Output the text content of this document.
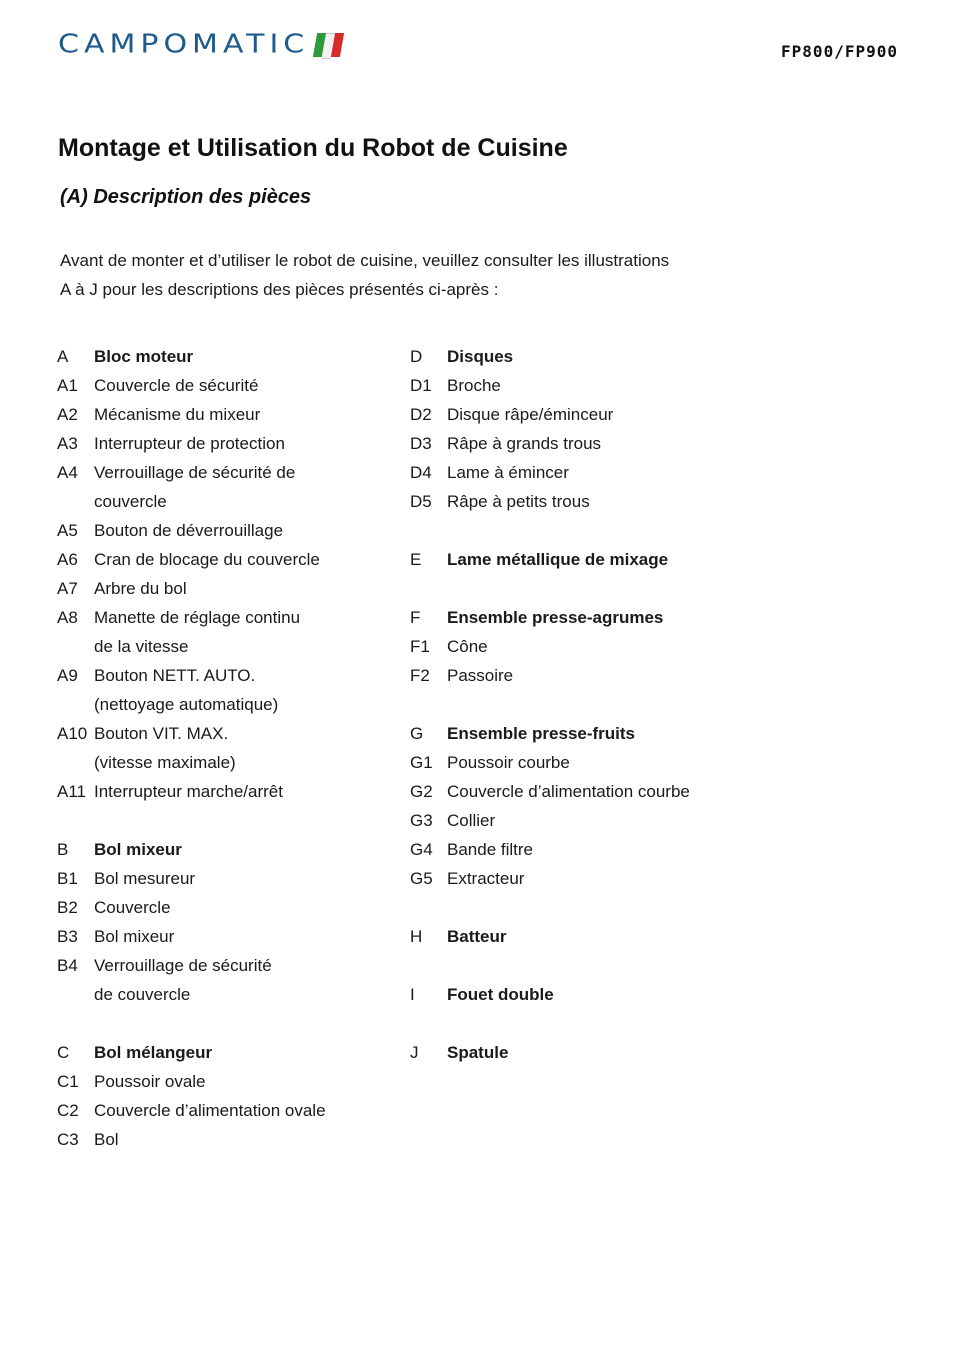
CAMPOMATIC	FP800/FP900
Montage et Utilisation du Robot de Cuisine
(A) Description des pièces
Avant de monter et d’utiliser le robot de cuisine, veuillez consulter les illustrations
A à J pour les descriptions des pièces présentés ci-après :
A	Bloc moteur
A1 Couvercle de sécurité
A2 Mécanisme du mixeur
A3 Interrupteur de protection
A4 Verrouillage de sécurité de
couvercle
A5 Bouton de déverrouillage
A6 Cran de blocage du couvercle
A7 Arbre du bol
A8 Manette de réglage continu
de la vitesse
A9 Bouton NETT. AUTO.
(nettoyage automatique)
A10 Bouton VIT. MAX.
(vitesse maximale)
A11 Interrupteur marche/arrêt
B	Bol mixeur
B1 Bol mesureur
B2 Couvercle
B3 Bol mixeur
B4 Verrouillage de sécurité
de couvercle
C	Bol mélangeur
C1 Poussoir ovale
C2 Couvercle d’alimentation ovale
C3 Bol
D	Disques
D1 Broche
D2 Disque râpe/éminceur
D3 Râpe à grands trous
D4 Lame à émincer
D5 Râpe à petits trous
E	Lame métallique de mixage
F	Ensemble presse-agrumes
F1	Cône
F2	Passoire
G	Ensemble presse-fruits
G1 Poussoir courbe
G2 Couvercle d’alimentation courbe
G3 Collier
G4 Bande filtre
G5 Extracteur
H	Batteur
I	Fouet double
J	Spatule
